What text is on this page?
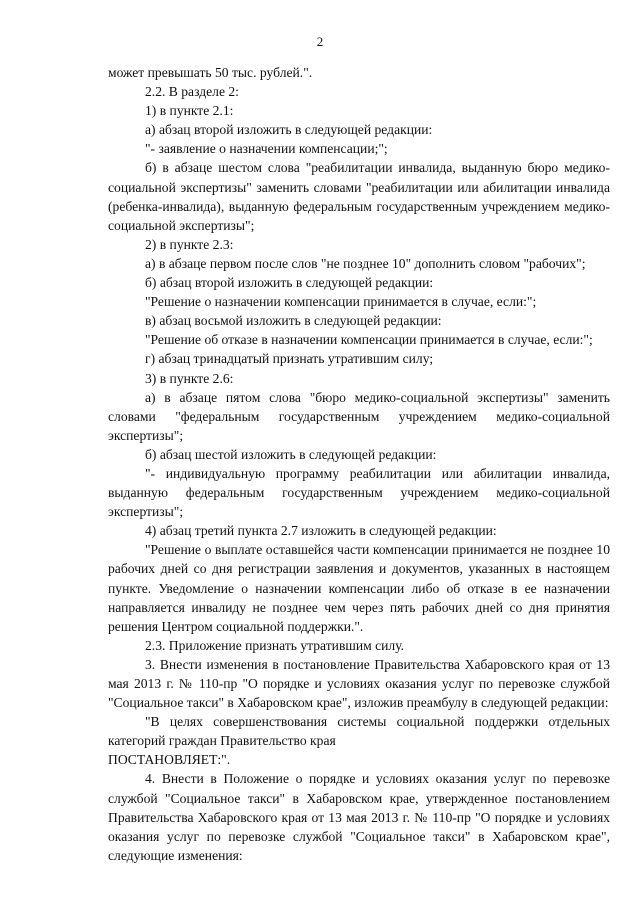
2

может превышать 50 тыс. рублей.".

2.2. В разделе 2:

1) в пункте 2.1:

а) абзац второй изложить в следующей редакции:

"- заявление о назначении компенсации;";

б) в абзаце шестом слова "реабилитации инвалида, выданную бюро медико-социальной экспертизы" заменить словами "реабилитации или абилитации инвалида (ребенка-инвалида), выданную федеральным государственным учреждением медико-социальной экспертизы";

2) в пункте 2.3:

а) в абзаце первом после слов "не позднее 10" дополнить словом "рабочих";

б) абзац второй изложить в следующей редакции:

"Решение о назначении компенсации принимается в случае, если:";

в) абзац восьмой изложить в следующей редакции:

"Решение об отказе в назначении компенсации принимается в случае, если:";

г) абзац тринадцатый признать утратившим силу;

3) в пункте 2.6:

а) в абзаце пятом слова "бюро медико-социальной экспертизы" заменить словами "федеральным государственным учреждением медико-социальной экспертизы";

б) абзац шестой изложить в следующей редакции:

"- индивидуальную программу реабилитации или абилитации инвалида, выданную федеральным государственным учреждением медико-социальной экспертизы";

4) абзац третий пункта 2.7 изложить в следующей редакции:

"Решение о выплате оставшейся части компенсации принимается не позднее 10 рабочих дней со дня регистрации заявления и документов, указанных в настоящем пункте. Уведомление о назначении компенсации либо об отказе в ее назначении направляется инвалиду не позднее чем через пять рабочих дней со дня принятия решения Центром социальной поддержки.".

2.3. Приложение признать утратившим силу.

3. Внести изменения в постановление Правительства Хабаровского края от 13 мая 2013 г. № 110-пр "О порядке и условиях оказания услуг по перевозке службой "Социальное такси" в Хабаровском крае", изложив преамбулу в следующей редакции:

"В целях совершенствования системы социальной поддержки отдельных категорий граждан Правительство края

ПОСТАНОВЛЯЕТ:".

4. Внести в Положение о порядке и условиях оказания услуг по перевозке службой "Социальное такси" в Хабаровском крае, утвержденное постановлением Правительства Хабаровского края от 13 мая 2013 г. № 110-пр "О порядке и условиях оказания услуг по перевозке службой "Социальное такси" в Хабаровском крае", следующие изменения:
